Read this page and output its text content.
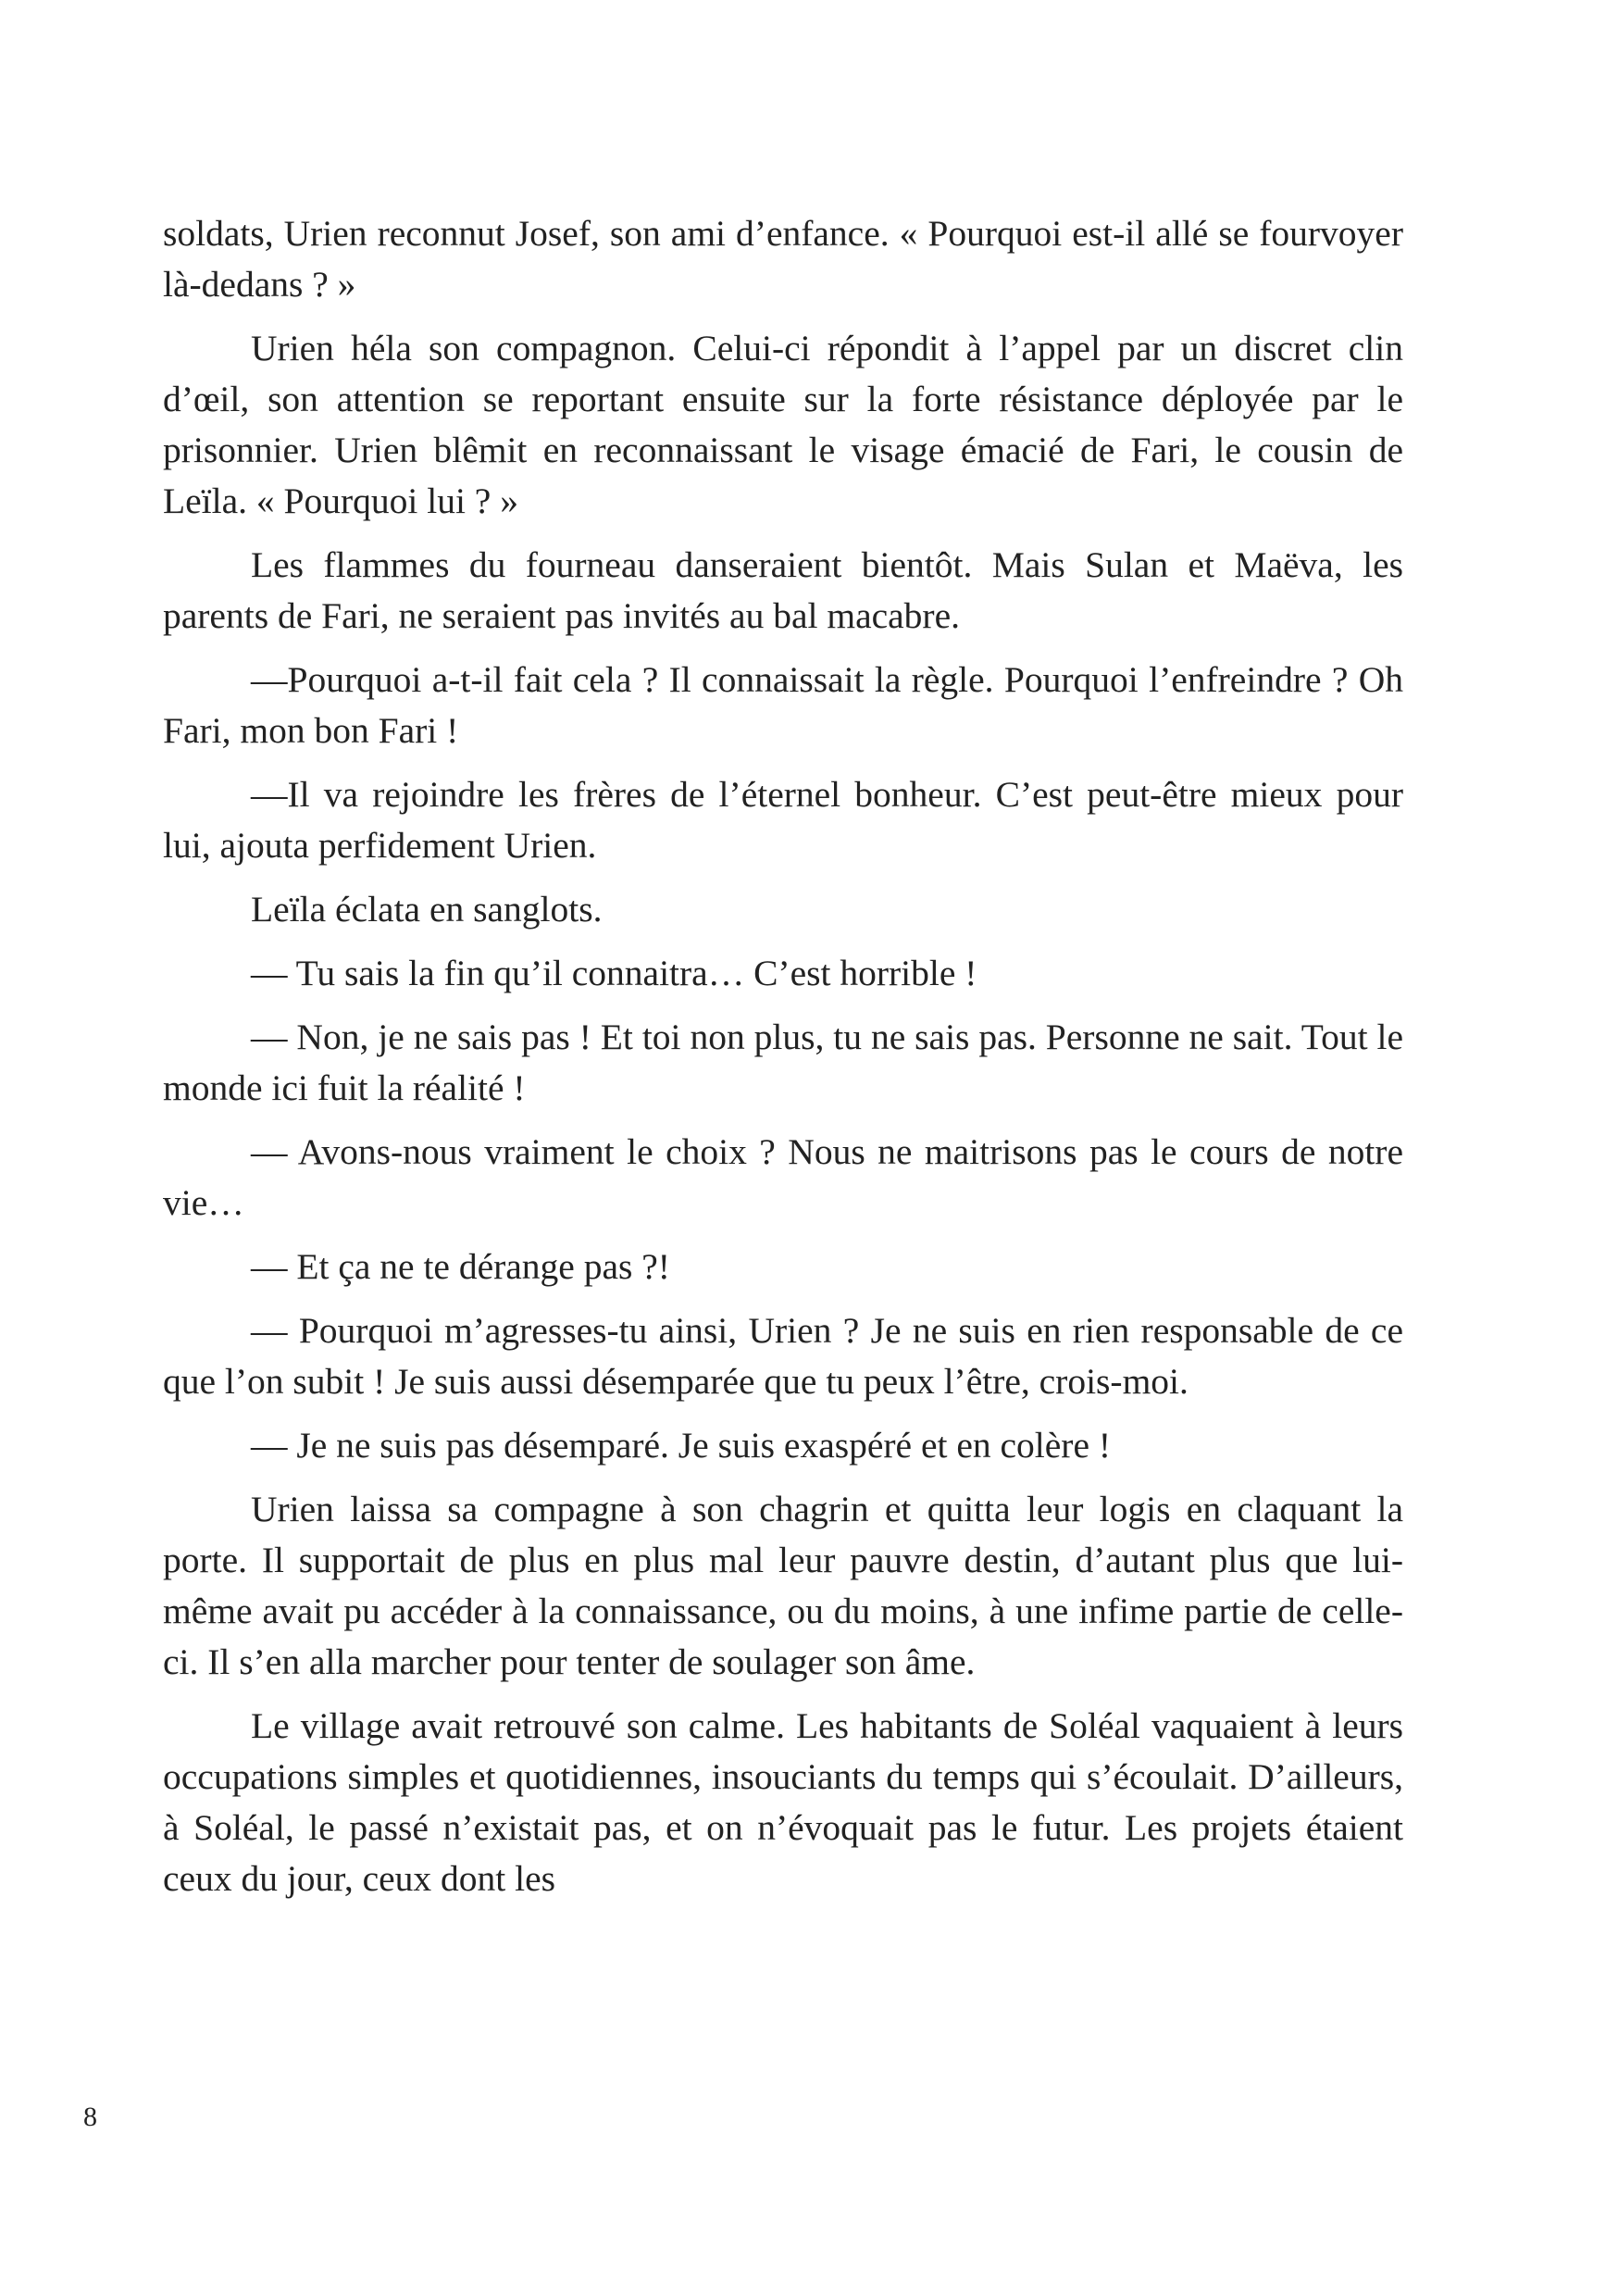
soldats, Urien reconnut Josef, son ami d’enfance. « Pourquoi est-il allé se fourvoyer là-dedans ? »

Urien héla son compagnon. Celui-ci répondit à l’appel par un discret clin d’œil, son attention se reportant ensuite sur la forte résistance déployée par le prisonnier. Urien blêmit en reconnaissant le visage émacié de Fari, le cousin de Leïla. « Pourquoi lui ? »

Les flammes du fourneau danseraient bientôt. Mais Sulan et Maëva, les parents de Fari, ne seraient pas invités au bal macabre.

—Pourquoi a-t-il fait cela ? Il connaissait la règle. Pourquoi l’enfreindre ? Oh Fari, mon bon Fari !

—Il va rejoindre les frères de l’éternel bonheur. C’est peut-être mieux pour lui, ajouta perfidement Urien.

Leïla éclata en sanglots.

— Tu sais la fin qu’il connaitra… C’est horrible !

— Non, je ne sais pas ! Et toi non plus, tu ne sais pas. Personne ne sait. Tout le monde ici fuit la réalité !

— Avons-nous vraiment le choix ? Nous ne maitrisons pas le cours de notre vie…

— Et ça ne te dérange pas ?!

— Pourquoi m’agresses-tu ainsi, Urien ? Je ne suis en rien responsable de ce que l’on subit ! Je suis aussi désemparée que tu peux l’être, crois-moi.

— Je ne suis pas désemparé. Je suis exaspéré et en colère !

Urien laissa sa compagne à son chagrin et quitta leur logis en claquant la porte. Il supportait de plus en plus mal leur pauvre destin, d’autant plus que lui-même avait pu accéder à la connaissance, ou du moins, à une infime partie de celle-ci. Il s’en alla marcher pour tenter de soulager son âme.

Le village avait retrouvé son calme. Les habitants de Soléal vaquaient à leurs occupations simples et quotidiennes, insouciants du temps qui s’écoulait. D’ailleurs, à Soléal, le passé n’existait pas, et on n’évoquait pas le futur. Les projets étaient ceux du jour, ceux dont les

8
